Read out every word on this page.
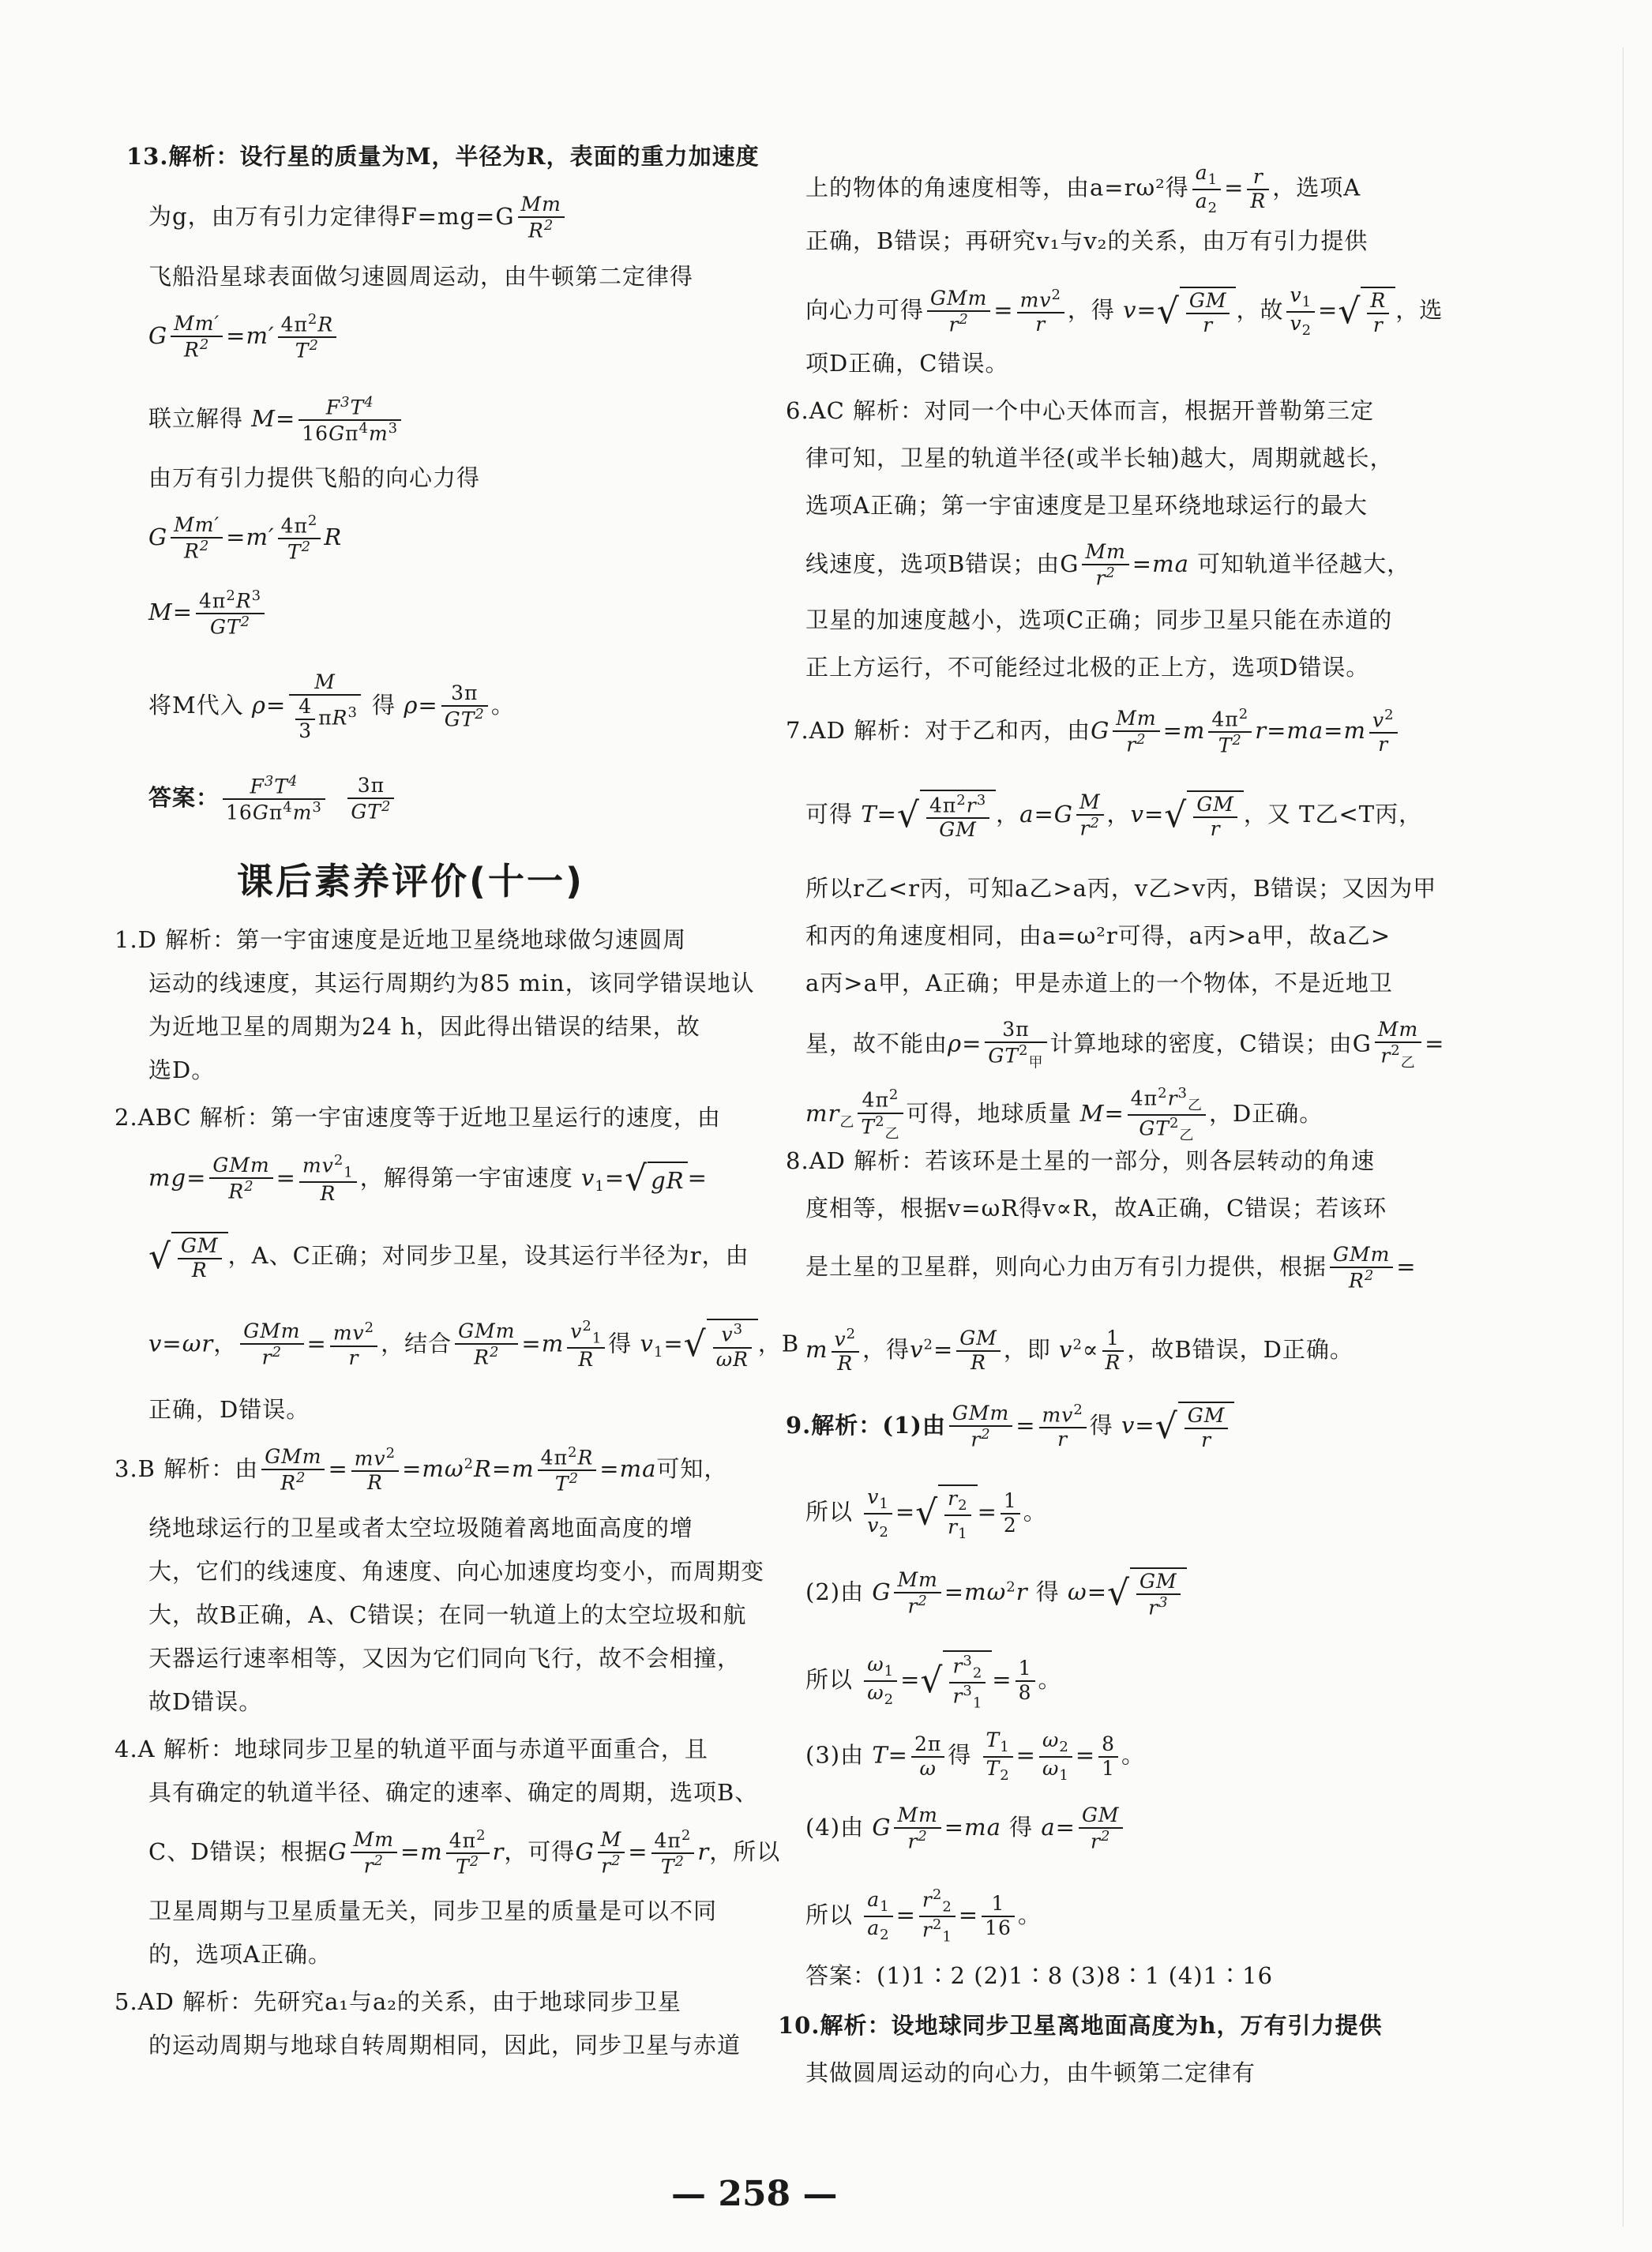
13.解析：设行星的质量为M，半径为R，表面的重力加速度
为g，由万有引力定律得$F=mg=G \frac{Mm}{R^2}$
飞船沿星球表面做匀速圆周运动，由牛顿第二定律得
G $\frac{Mm'}{R^2} =m' \frac{4\pi^2R}{T^2}$
联立解得 $M= \frac{F^3T^4}{16G\pi^4m^3}$
由万有引力提供飞船的向心力得
G $\frac{Mm'}{R^2} =m' \frac{4\pi^2}{T^2}$ R
$M= \frac{4\pi^2R^3}{GT^2}$
将M代入 $\rho= \frac{M}{\frac{4}{3} \pi R^3}$ 得 $\rho= \frac{3\pi}{GT^2}$ 。
答案： $\frac{F^3T^4}{16G\pi^4m^3}$
$\frac{3\pi}{GT^2}$
课后素养评价(十一)
1.D 解析：第一宇宙速度是近地卫星绕地球做匀速圆周
运动的线速度，其运行周期约为85 min，该同学错误地认
为近地卫星的周期为24 h，因此得出错误的结果，故
选D。
2.ABC 解析：第一宇宙速度等于近地卫星运行的速度，由
$mg= \frac{\text{GMm}}{R^2} = \frac{mv^2_1}{R}$ ，解得第一宇宙速度 $v_1=√$ gR =
√ $\frac{GM}{R}$ ，A、C正确；对同步卫星，设其运行半径为r，由
v=ωr， $\frac{\text{GMm}}{r^2} = \frac{mv^2}{r}$ ，结合 $\frac{\text{GMm}}{R^2} =m \frac{v^2_1}{R}$ 得 $v_1=√ \frac{v^3}{\omega R}$ ，B
正确，D错误。
3.B 解析：由 $\frac{\text{GMm}}{R^2} = \frac{mv^2}{R} =m\omega^2R=m \frac{4\pi^2R}{T^2} =ma$可知，
绕地球运行的卫星或者太空垃圾随着离地面高度的增
大，它们的线速度、角速度、向心加速度均变小，而周期变
大，故B正确，A、C错误；在同一轨道上的太空垃圾和航
天器运行速率相等，又因为它们同向飞行，故不会相撞，
故D错误。
4.A 解析：地球同步卫星的轨道平面与赤道平面重合，且
具有确定的轨道半径、确定的速率、确定的周期，选项B、
C、D错误；根据G $\frac{Mm}{r^2} =m \frac{4\pi^2}{T^2}$ r，可得G $\frac{M}{r^2} = \frac{4\pi^2}{T^2}$ r，所以
卫星周期与卫星质量无关，同步卫星的质量是可以不同
的，选项A正确。
5.AD 解析：先研究a₁与a₂的关系，由于地球同步卫星
的运动周期与地球自转周期相同，因此，同步卫星与赤道
上的物体的角速度相等，由a=rω²得 $\frac{a_1}{a_2} = \frac{r}{R}$ ，选项A
正确，B错误；再研究v₁与v₂的关系，由万有引力提供
向心力可得 $\frac{\text{GMm}}{r^2} = \frac{mv^2}{r}$ ，得 $v=√ \frac{GM}{r}$ ，故 $\frac{v_1}{v_2}$ =√ $\frac{R}{r}$ ，选
项D正确，C错误。
6.AC 解析：对同一个中心天体而言，根据开普勒第三定
律可知，卫星的轨道半径(或半长轴)越大，周期就越长，
选项A正确；第一宇宙速度是卫星环绕地球运行的最大
线速度，选项B错误；由G $\frac{Mm}{r^2} =ma$ 可知轨道半径越大，
卫星的加速度越小，选项C正确；同步卫星只能在赤道的
正上方运行，不可能经过北极的正上方，选项D错误。
7.AD 解析：对于乙和丙，由G $\frac{Mm}{r^2} =m \frac{4\pi^2}{T^2} r=ma=m \frac{v^2}{r}$
可得 $T=√ \frac{4\pi^2r^3}{GM}$ ，$a=G \frac{M}{r^2}$ ，$v=√ \frac{GM}{r}$ ，又 T乙<T丙，
所以r乙<r丙，可知a乙>a丙，v乙>v丙，B错误；又因为甲
和丙的角速度相同，由a=ω²r可得，a丙>a甲，故a乙>
a丙>a甲，A正确；甲是赤道上的一个物体，不是近地卫
星，故不能由$\rho= \frac{3\pi}{GT^2_甲}$ 计算地球的密度，C错误；由G $\frac{Mm}{r^2_乙}$ =
$mr_乙 \frac{4\pi^2}{T^2_乙}$ 可得，地球质量 $M= \frac{4\pi^2r^3_乙}{GT^2_乙}$ ，D正确。
8.AD 解析：若该环是土星的一部分，则各层转动的角速
度相等，根据v=ωR得v∝R，故A正确，C错误；若该环
是土星的卫星群，则向心力由万有引力提供，根据 $\frac{\text{GMm}}{R^2}$ =
m $\frac{v^2}{R}$ ，得$v^2= \frac{GM}{R}$ ，即 $v^2\propto \frac{1}{R}$ ，故B错误，D正确。
9.解析：(1)由 $\frac{\text{GMm}}{r^2} = \frac{mv^2}{r}$ 得 $v=√ \frac{GM}{r}$
所以 $\frac{v_1}{v_2}$ =√ $\frac{r_2}{r_1} = \frac{1}{2}$ 。
(2)由 G $\frac{Mm}{r^2} =m\omega^2r$ 得 $\omega=√ \frac{GM}{r^3}$
所以 $\frac{\omega_1}{\omega_2}$ =√ $\frac{r^3_2}{r^3_1} = \frac{1}{8}$ 。
(3)由 $T= \frac{2\pi}{\omega}$ 得 $\frac{T_1}{T_2} = \frac{\omega_2}{\omega_1} = \frac{8}{1}$ 。
(4)由 G $\frac{Mm}{r^2} =ma$ 得 $a= \frac{GM}{r^2}$
所以 $\frac{a_1}{a_2} = \frac{r^2_2}{r^2_1} = \frac{1}{16}$ 。
答案：(1)1∶2 (2)1∶8 (3)8∶1 (4)1∶16
10.解析：设地球同步卫星离地面高度为h，万有引力提供
其做圆周运动的向心力，由牛顿第二定律有
— 258 —
